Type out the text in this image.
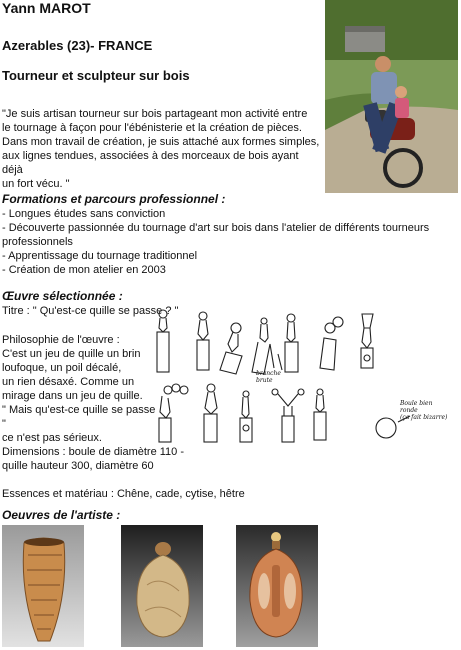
Yann MAROT
Azerables (23)- FRANCE
Tourneur et sculpteur sur bois
"Je suis artisan tourneur sur bois partageant mon activité entre
le tournage à façon pour l'ébénisterie et la création de pièces.
Dans mon travail de création, je suis attaché aux formes simples,
aux lignes tendues, associées à des morceaux de bois ayant déjà
un fort vécu. "
Formations et parcours professionnel :
- Longues études sans conviction
- Découverte passionnée du tournage d'art sur bois dans l'atelier de différents tourneurs
professionnels
- Apprentissage du tournage traditionnel
- Création de mon atelier en 2003
Œuvre sélectionnée :
Titre : " Qu'est-ce quille se passe ? "
Philosophie de l'œuvre :
C'est un jeu de quille un brin
loufoque, un poil décalé,
un rien désaxé. Comme un
mirage dans un jeu de quille.
" Mais qu'est-ce quille se passe "
ce n'est pas sérieux.
Dimensions : boule de diamètre 110 -
quille hauteur 300, diamètre 60
Essences et matériau : Chêne, cade, cytise, hêtre
branche
brute
Boule bien
ronde
(ça fait bizarre)
Oeuvres de l'artiste :
